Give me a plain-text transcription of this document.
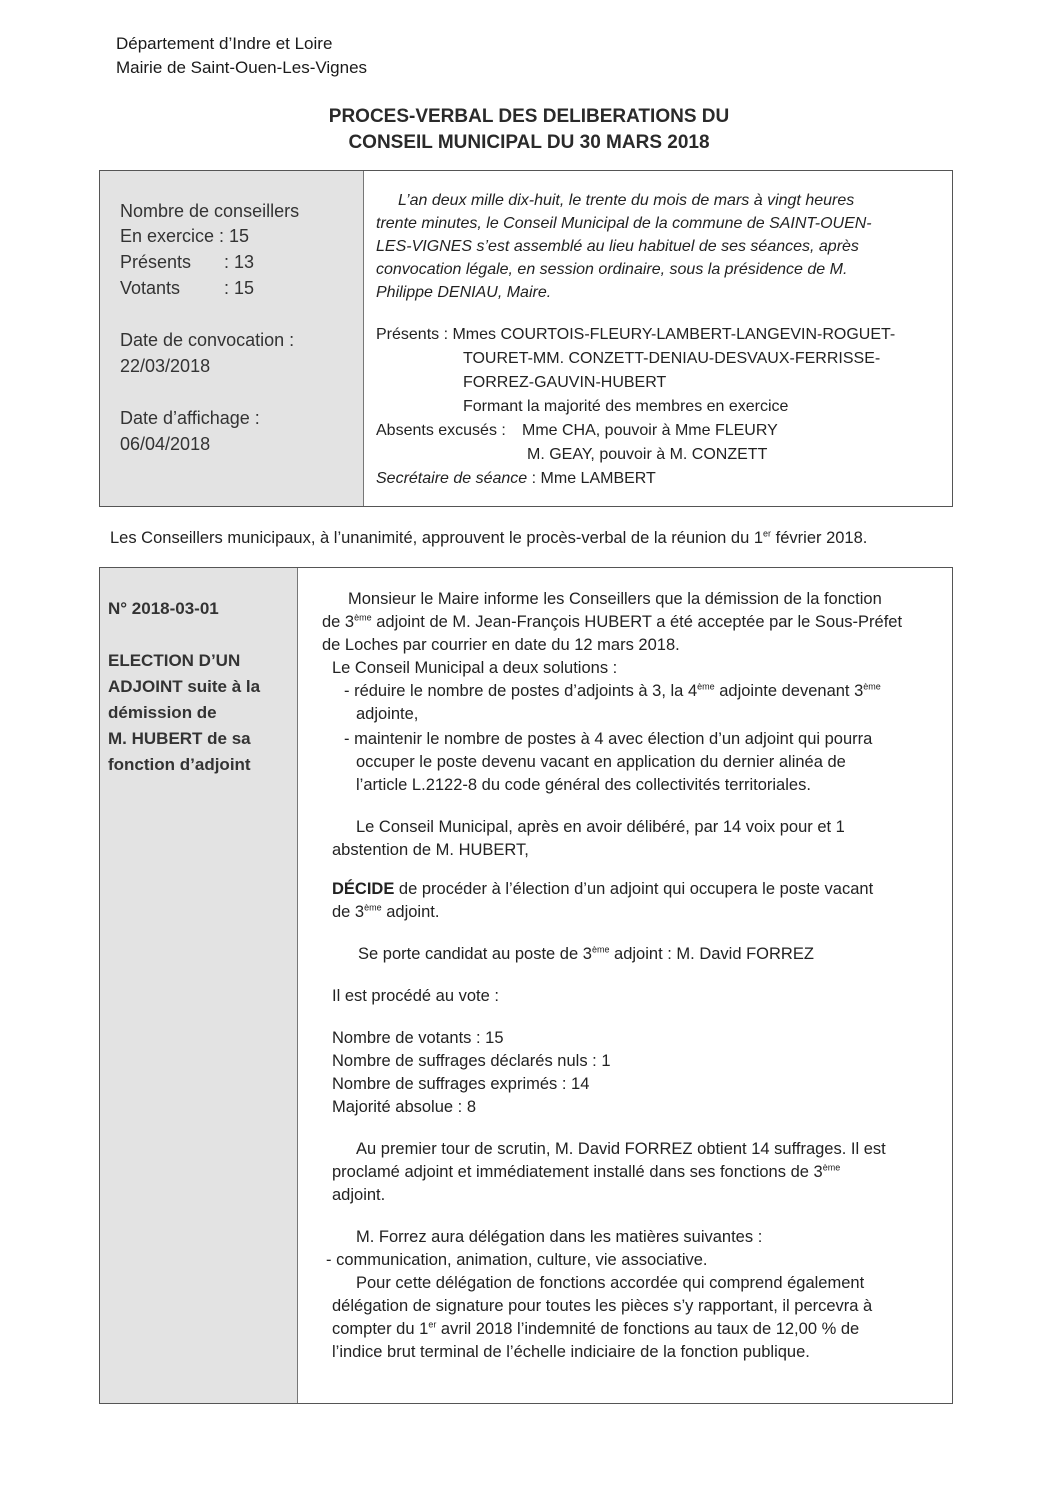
Département d’Indre et Loire
Mairie de Saint-Ouen-Les-Vignes
PROCES-VERBAL DES DELIBERATIONS DU
CONSEIL MUNICIPAL DU 30 MARS 2018
Nombre de conseillers
En exercice : 15
Présents : 13
Votants : 15
Date de convocation :
22/03/2018
Date d’affichage :
06/04/2018
L’an deux mille dix-huit, le trente du mois de mars à vingt heures
trente minutes, le Conseil Municipal de la commune de SAINT-OUEN-
LES-VIGNES s’est assemblé au lieu habituel de ses séances, après
convocation légale, en session ordinaire, sous la présidence de M.
Philippe DENIAU, Maire.
Présents : Mmes COURTOIS-FLEURY-LAMBERT-LANGEVIN-ROGUET-
TOURET-MM. CONZETT-DENIAU-DESVAUX-FERRISSE-
FORREZ-GAUVIN-HUBERT
Formant la majorité des membres en exercice
Absents excusés : Mme CHA, pouvoir à Mme FLEURY
M. GEAY, pouvoir à M. CONZETT
Secrétaire de séance : Mme LAMBERT
Les Conseillers municipaux, à l’unanimité, approuvent le procès-verbal de la réunion du 1er février 2018.
N° 2018-03-01
ELECTION D’UN
ADJOINT suite à la
démission de
M. HUBERT de sa
fonction d’adjoint
Monsieur le Maire informe les Conseillers que la démission de la fonction
de 3ème adjoint de M. Jean-François HUBERT a été acceptée par le Sous-Préfet
de Loches par courrier en date du 12 mars 2018.
Le Conseil Municipal a deux solutions :
- réduire le nombre de postes d’adjoints à 3, la 4ème adjointe devenant 3ème
adjointe,
- maintenir le nombre de postes à 4 avec élection d’un adjoint qui pourra
occuper le poste devenu vacant en application du dernier alinéa de
l’article L.2122-8 du code général des collectivités territoriales.
Le Conseil Municipal, après en avoir délibéré, par 14 voix pour et 1
abstention de M. HUBERT,
DÉCIDE de procéder à l’élection d’un adjoint qui occupera le poste vacant
de 3ème adjoint.
Se porte candidat au poste de 3ème adjoint : M. David FORREZ
Il est procédé au vote :
Nombre de votants : 15
Nombre de suffrages déclarés nuls : 1
Nombre de suffrages exprimés : 14
Majorité absolue : 8
Au premier tour de scrutin, M. David FORREZ obtient 14 suffrages. Il est
proclamé adjoint et immédiatement installé dans ses fonctions de 3ème
adjoint.
M. Forrez aura délégation dans les matières suivantes :
- communication, animation, culture, vie associative.
Pour cette délégation de fonctions accordée qui comprend également
délégation de signature pour toutes les pièces s’y rapportant, il percevra à
compter du 1er avril 2018 l’indemnité de fonctions au taux de 12,00 % de
l’indice brut terminal de l’échelle indiciaire de la fonction publique.
